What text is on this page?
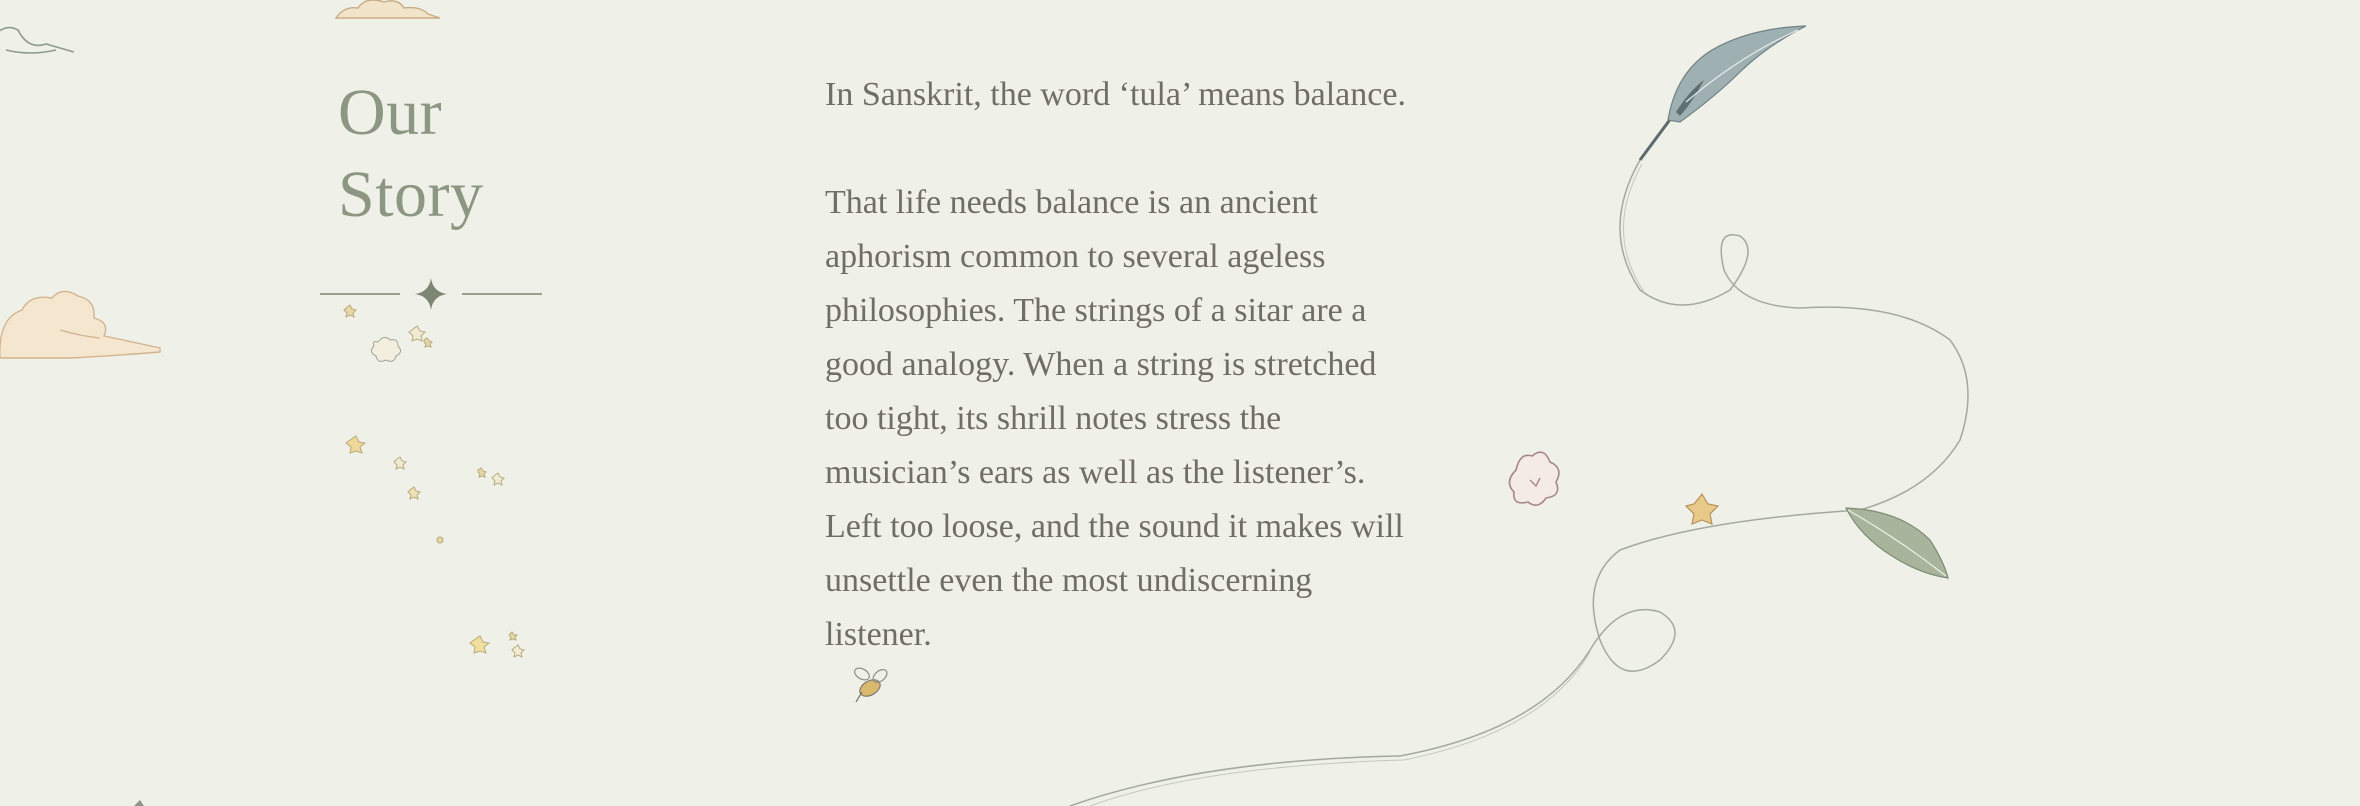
Our
Story

In Sanskrit, the word ‘tula’ means balance.

That life needs balance is an ancient aphorism common to several ageless philosophies. The strings of a sitar are a good analogy. When a string is stretched too tight, its shrill notes stress the musician’s ears as well as the listener’s. Left too loose, and the sound it makes will unsettle even the most undiscerning listener.
